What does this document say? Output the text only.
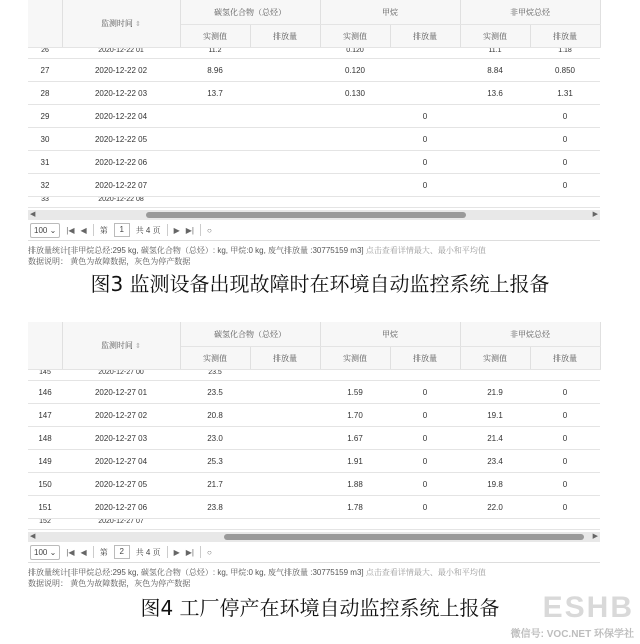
	监测时间 ⇕	碳氢化合物（总烃）		甲烷		非甲烷总烃	
		实测值	排放量	实测值	排放量	实测值	排放量
26	2020-12-22 01	11.2		0.120		11.1	1.18
27	2020-12-22 02	8.96		0.120		8.84	0.850
28	2020-12-22 03	13.7		0.130		13.6	1.31
29	2020-12-22 04				0		0
30	2020-12-22 05				0		0
31	2020-12-22 06				0		0
32	2020-12-22 07				0		0
33	2020-12-22 08						
◀	▶
100 ⌄	|◀ ◀ 第	1	共 4 页 ▶ ▶| ○
排放量统计[非甲烷总烃:295 kg, 碳氢化合物（总烃）: kg, 甲烷:0 kg, 废气排放量 :30775159 m3] 点击查看详情最大、最小和平均值
数据说明： 黄色为故障数据，灰色为停产数据
图3 监测设备出现故障时在环境自动监控系统上报备
	监测时间 ⇕	碳氢化合物（总烃）		甲烷		非甲烷总烃	
		实测值	排放量	实测值	排放量	实测值	排放量
145	2020-12-27 00	23.5					
146	2020-12-27 01	23.5		1.59	0	21.9	0
147	2020-12-27 02	20.8		1.70	0	19.1	0
148	2020-12-27 03	23.0		1.67	0	21.4	0
149	2020-12-27 04	25.3		1.91	0	23.4	0
150	2020-12-27 05	21.7		1.88	0	19.8	0
151	2020-12-27 06	23.8		1.78	0	22.0	0
152	2020-12-27 07						
◀	▶
100 ⌄	|◀ ◀ 第	2	共 4 页 ▶ ▶| ○
排放量统计[非甲烷总烃:295 kg, 碳氢化合物（总烃）: kg, 甲烷:0 kg, 废气排放量 :30775159 m3] 点击查看详情最大、最小和平均值
数据说明： 黄色为故障数据，灰色为停产数据
图4 工厂停产在环境自动监控系统上报备	ESHB
微信号: VOC.NET 环保学社
